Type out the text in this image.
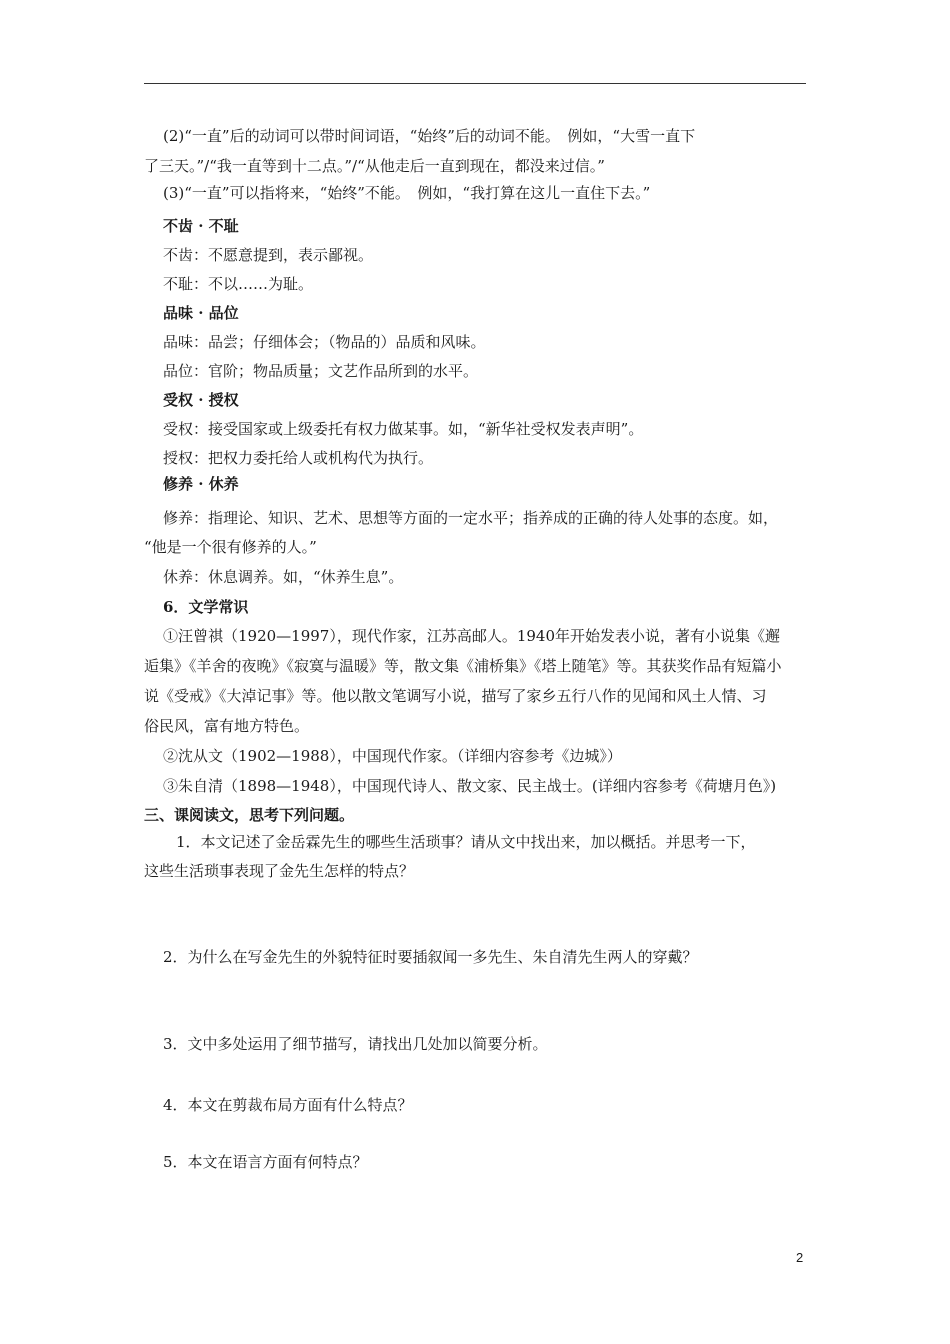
(2)“一直”后的动词可以带时间词语，“始终”后的动词不能。　例如，“大雪一直下
了三天。”/“我一直等到十二点。”/“从他走后一直到现在，都没来过信。”
(3)“一直”可以指将来，“始终”不能。　例如，“我打算在这儿一直住下去。”
不齿 · 不耻
不齿：不愿意提到，表示鄙视。
不耻：不以……为耻。
品味 · 品位
品味：品尝；仔细体会；（物品的）品质和风味。
品位：官阶；物品质量；文艺作品所到的水平。
受权 · 授权
受权：接受国家或上级委托有权力做某事。如，“新华社受权发表声明”。
授权：把权力委托给人或机构代为执行。
修养 · 休养
修养：指理论、知识、艺术、思想等方面的一定水平；指养成的正确的待人处事的态度。如，
“他是一个很有修养的人。”
休养：休息调养。如，“休养生息”。
6．文学常识
①汪曾祺（1920—1997），现代作家，江苏高邮人。1940年开始发表小说，著有小说集《邂
逅集》《羊舍的夜晚》《寂寞与温暖》等，散文集《浦桥集》《塔上随笔》等。其获奖作品有短篇小
说《受戒》《大淖记事》等。他以散文笔调写小说，描写了家乡五行八作的见闻和风土人情、习
俗民风，富有地方特色。
②沈从文（1902—1988），中国现代作家。（详细内容参考《边城》）
③朱自清（1898—1948），中国现代诗人、散文家、民主战士。(详细内容参考《荷塘月色》)
三、课阅读文，思考下列问题。
1．本文记述了金岳霖先生的哪些生活琐事？请从文中找出来，加以概括。并思考一下，
这些生活琐事表现了金先生怎样的特点？
2．为什么在写金先生的外貌特征时要插叙闻一多先生、朱自清先生两人的穿戴？
3．文中多处运用了细节描写，请找出几处加以简要分析。
4．本文在剪裁布局方面有什么特点？
5．本文在语言方面有何特点？
2
